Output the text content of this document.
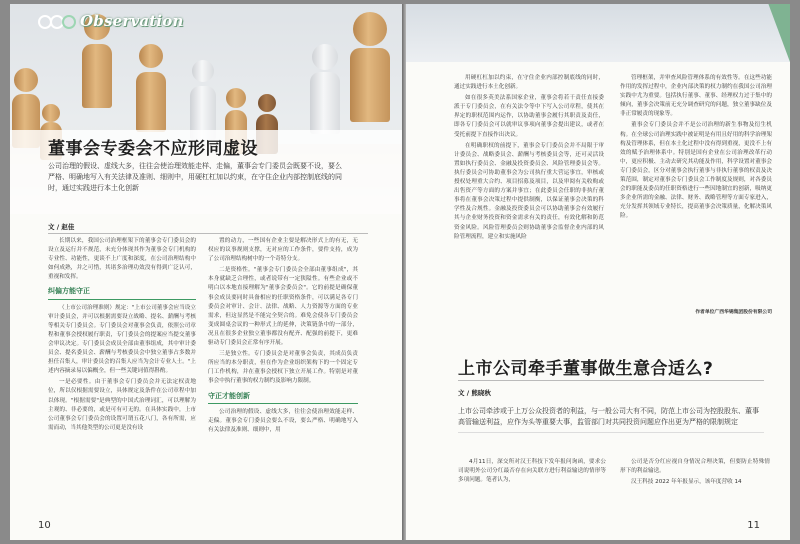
Observation
董事会专委会不应形同虚设
公司治理的假设、虚线大多，往往会使治理效能走样、走偏，董事会专门委员会既要不设，要么严格、明确地写入有关法律及准则、细则中，用硬杠杠加以约束，在守住企业内部控制底线的同时，通过实践进行本土化创新
文 / 赵佳

长期以来，我国公司治理框架下的董事会专门委员会的设立及运行并不规范，未充分体现其作为董事会专门机构的专业性、功能性，更谈不上广度和深度，在公司治理结构中如何成熟，并之可惜，其诸多治理功效没有得到广泛认可，重视和发挥。

纠偏方能守正

（上市公司治理准则）规定："上市公司董事会应当设立审计委员会，并可以根据需要设立战略、提名、薪酬与考核等相关专门委员会。专门委员会对董事会负责，依照公司章程和董事会授权履行职责，专门委员会的提案应当提交董事会审议决定。专门委员会成员全部由董事组成，其中审计委员会、提名委员会、薪酬与考核委员会中独立董事占多数并担任召集人，审计委员会的召集人应当为会计专业人士。"上述内容摘录易以偏概全，但一些关键词值得斟酌。

一是必要性。由于董事会专门委员会并无法定权责地位，所以仅根据需要设立，具体规定及条件在公司章程中加以体现。"根据需要"是典型的中国式治理词汇，可以理解为主观的、非必要的，或是可有可无的。在具体实践中，上市公司董事会专门委员会的设置可谓五花八门，各有所需，应需而动，当其他类型的公司更是没有设

置的动力，一些国有企业主要是解决形式上的有无，无权应的议事规则支撑，无对应的工作条件，要件支持，成为了公司治理结构树中的一个奇特分支。

二是资格性。"董事会专门委员会全部由董事组成"，其本身就缺乏合理性，或者说带有一定狭隘性。有些企业或不明白以本地直接理解为"董事会委员会"。它的前提是确保董事会成员要同时具备相应的任职资格条件，可以满足各专门委员会对审计、会计、法律、战略、人力资源等方面的专业需求，但这显然是不能完全契合的。难免会使各专门委员会变成圆桌会议的一种形式上的延伸，决策链条中的一部分，况且在很多企业独立董事都没有配齐、配强的前提下，更难驱动专门委员会正常有序开展。

三是独立性。专门委员会是对董事会负责，其成员负责所应当的本分职责，但在作为企业组织架构下的一个固定专门工作机构，并在董事会授权下独立开展工作。特别是对董事会中执行董事的权力制约及影响力限制。

守正才能创新

公司治理的假设、虚线大多，往往会使治理效能走样、走偏。董事会专门委员会要么不设，要么严格、明确地写入有关法律及准则、细则中，用

10

用硬杠杠加以约束，在守住企业内部控制底线的同时，通过实践进行本土化创新。

如在很多英美法系国家企业，董事会将若干责任直接委派于专门委员会，在有关法令等中下写入公司章程，使其在界定的职权范围内运作，以协助董事会履行其职责及责任，即各专门委员会可以就审议事项向董事会提出建议，或者在受托前提下直接作出决议。

在明确职权的前提下，董事会专门委员会并不局限于审计委员会、战略委员会、薪酬与考核委员会等，还可灵活设置如执行委员会、金融及投资委员会、风险管理委员会等。执行委员会可协助董事会为公司执行重大营运事宜，审核或授权处理重大合约、项目招募及项目，以及审阅有关收购或出售资产等方面的方案并事宜；在此委员会任职的非执行董事将在董事会决策过程中提供制衡，以保证董事会决策的科学性及合规性。金融及投资委员会可以协助董事会有效履行其与企业财务投资和资金需求有关的责任，有效化解和防范资金风险。风险管理委员会则协助董事会监督企业内部的风险管理流程，建立和实施风险

管理框架，并审查风险管理体系的有效性等。在这些功能作用的发挥过程中，企业内部决策的权力制约在我国公司治理实践中尤为重要。包括执行董事、董事、经理权力过于集中的倾向，董事会决策前无充分调查研究的问题，独立董事缺位及非正常履责的现象等。

董事会专门委员会并不是公司治理的新生事物及衍生机构。在全球公司治理实践中被证明是有用且好用的科学治理架构及管理体系，但在本土化过程中没有得到重视，更没不上有效的赋予治理体系中。特别是国有企业在公司治理改革行动中，更应积极、主动去研究其功能及作用，科学设置对董事会专门委员会，区分对董事会执行董事与非执行董事的权责及决策范围，制定对董事会专门委员会工作制度及规则，对各委员会的职能及委员的任职资格进行一些因地制宜的创新，吸纳更多企业所需的金融、法律、财务、战略管理等方面专家进入，充分发挥其领域专业特长，提高董事会决策质量，化解决策风险。

作者单位广西华锡集团股份有限公司
上市公司牵手董事做生意合适么?
文 / 熊晓秋
上市公司牵涉或于上万公众投资者的利益，与一般公司大有不同，防范上市公司为控股股东、董事高管输送利益，应作为头等重要大事，监管部门对共同投资问题应作出更为严格的限制规定

4月11日，深交所对汉王科技下发年报问询函，要求公司说明外公司分红最否存在向关联方进行利益输送的情形等多项问题。笔者认为，

公司是否分红应视自身情况合理决策，但要防止特殊情形下的利益输送。

汉王科技 2022 年年报显示，该年度营收 14

11
